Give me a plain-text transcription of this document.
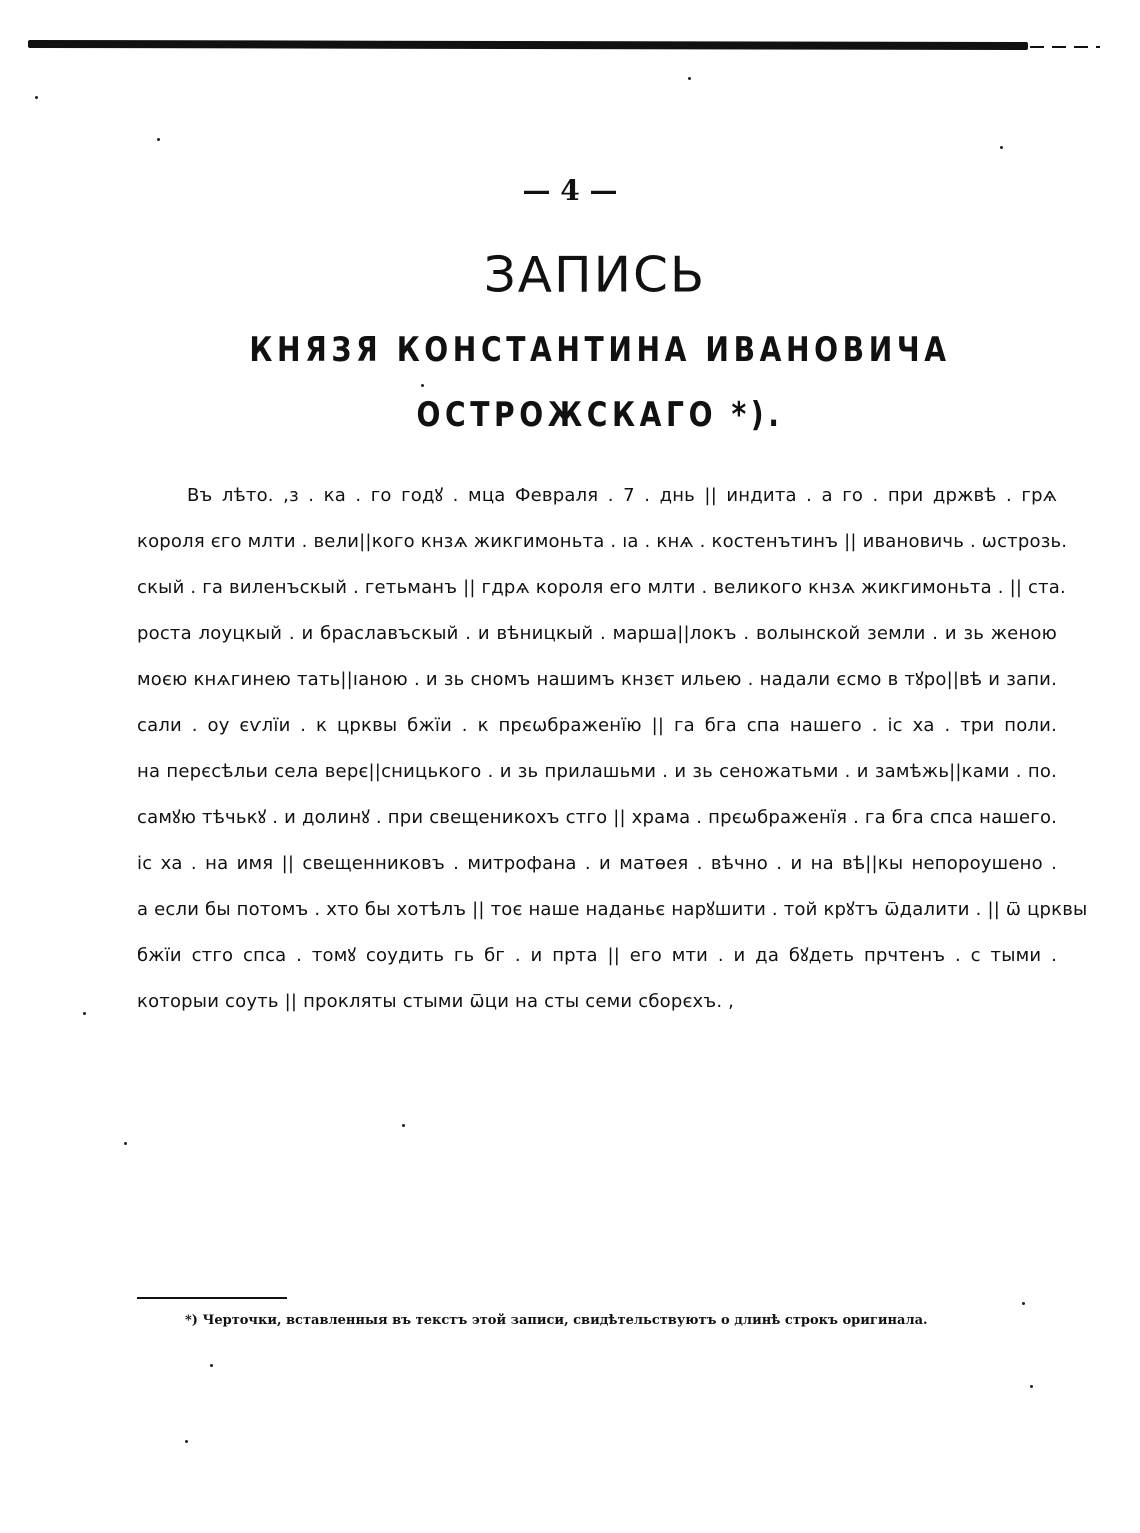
— 4 —
ЗАПИСЬ
КНЯЗЯ КОНСТАНТИНА ИВАНОВИЧА
ОСТРОЖСКАГО *).
Въ лѣто. ,з . ка . го годꙋ . мца Февраля . 7 . днь || индита . а го . при држвѣ . грѧ
короля єго млти . вели||кого кнзѧ жикгимоньта . ıа . кнѧ . костенътинъ || ивановичь . ѡстрозь.
скый . га виленъскый . гетьманъ || гдрѧ короля его млти . великого кнзѧ жикгимоньта . || ста.
роста лоуцкый . и браславъскый . и вѣницкый . марша||локъ . волынской земли . и зь женою
моєю кнѧгинею тать||ıаною . и зь сномъ нашимъ кнзєт ильею . надали єсмо в тꙋро||вѣ и запи.
сали . оу єѵлїи . к црквы бжїи . к прєѡбраженїю || га бга спа нашего . іс ха . три поли.
на перєсѣльи села верє||сницького . и зь прилашьми . и зь сеножатьми . и замѣжь||ками . по.
самꙋю тѣчькꙋ . и долинꙋ . при свещеникохъ стго || храма . прєѡбраженїя . га бга спса нашего.
іс ха . на имя || свещенниковъ . митрофана . и матѳея . вѣчно . и на вѣ||кы непороушено .
а если бы потомъ . хто бы хотѣлъ || тоє наше наданьє нарꙋшити . той крꙋтъ ѿдалити . || ѿ црквы
бжїи стго спса . томꙋ соудить гь бг . и прта || его мти . и да бꙋдеть прчтенъ . с тыми .
которыи соуть || прокляты стыми ѿци на сты семи сборєхъ. ,
*) Черточки, вставленныя въ текстъ этой записи, свидѣтельствуютъ о длинѣ строкъ оригинала.
